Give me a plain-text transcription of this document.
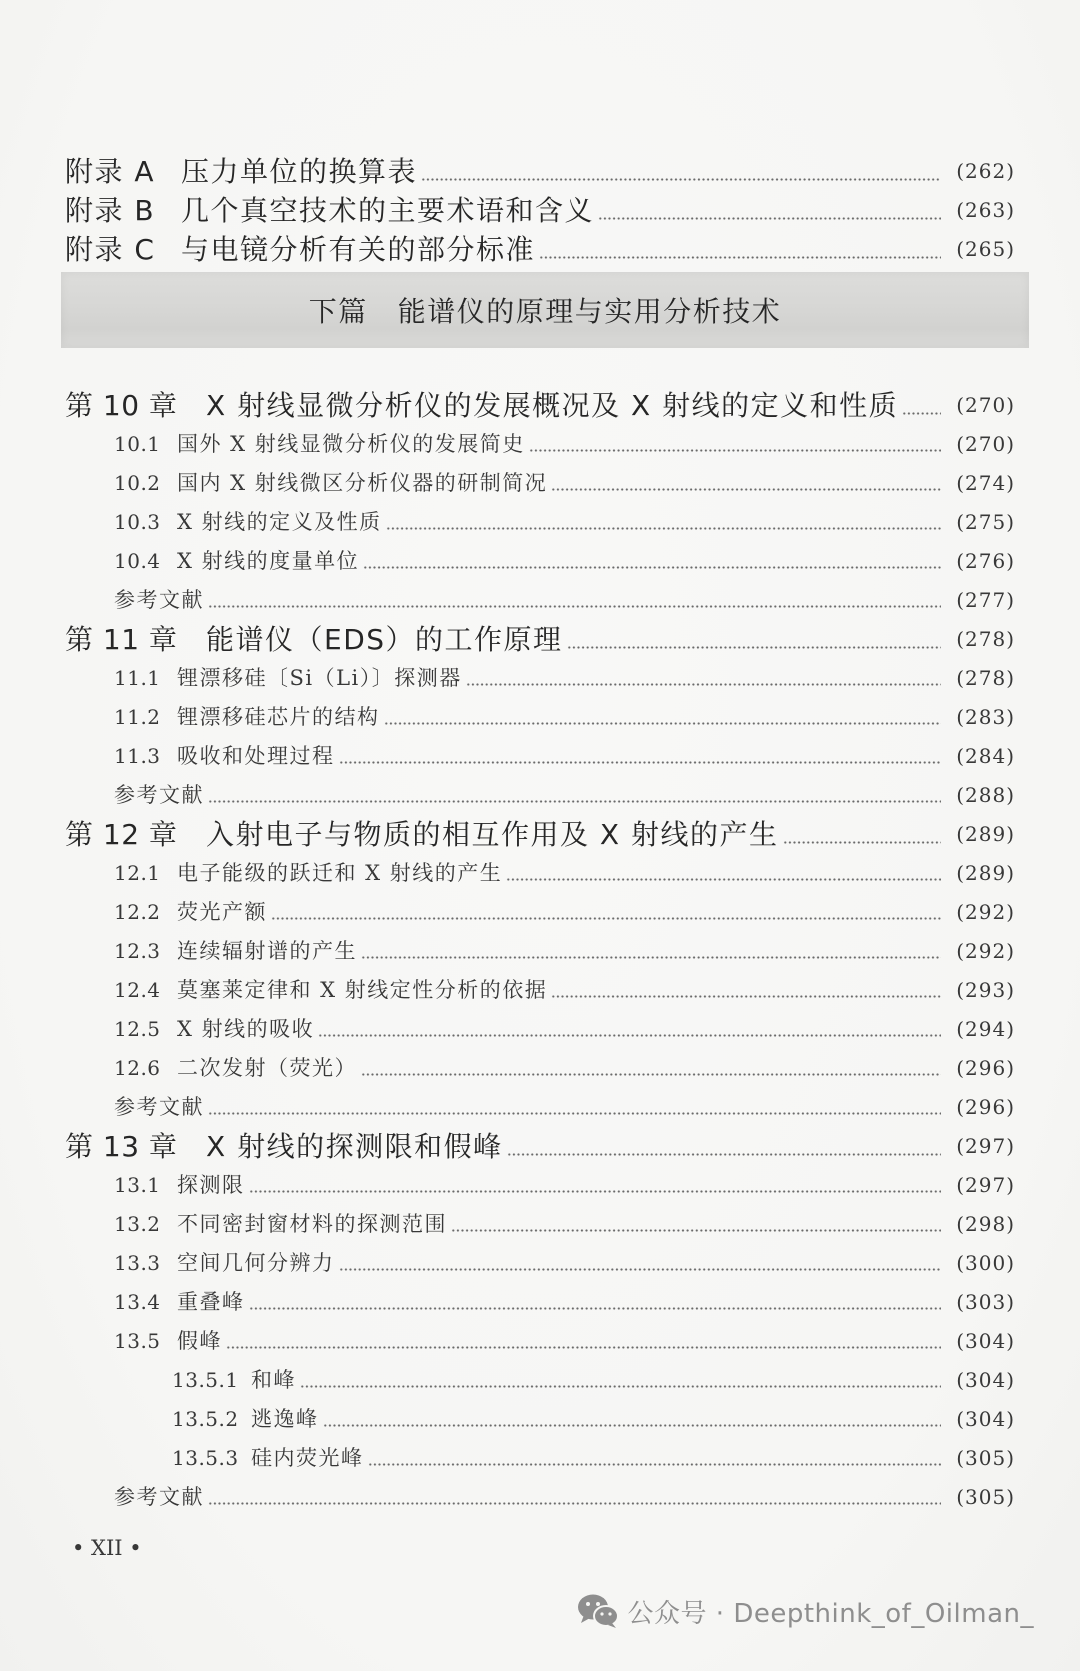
附录 A 压力单位的换算表	(262)
附录 B 几个真空技术的主要术语和含义	(263)
附录 C 与电镜分析有关的部分标准	(265)
下篇 能谱仪的原理与实用分析技术
第 10 章	X 射线显微分析仪的发展概况及 X 射线的定义和性质	(270)
10.1 国外 X 射线显微分析仪的发展简史	(270)
10.2 国内 X 射线微区分析仪器的研制简况	(274)
10.3 X 射线的定义及性质	(275)
10.4 X 射线的度量单位	(276)
参考文献	(277)
第 11 章	能谱仪（EDS）的工作原理	(278)
11.1 锂漂移硅〔Si（Li）〕探测器	(278)
11.2 锂漂移硅芯片的结构	(283)
11.3 吸收和处理过程	(284)
参考文献	(288)
第 12 章	入射电子与物质的相互作用及 X 射线的产生	(289)
12.1 电子能级的跃迁和 X 射线的产生	(289)
12.2 荧光产额	(292)
12.3 连续辐射谱的产生	(292)
12.4 莫塞莱定律和 X 射线定性分析的依据	(293)
12.5 X 射线的吸收	(294)
12.6 二次发射（荧光）	(296)
参考文献	(296)
第 13 章	X 射线的探测限和假峰	(297)
13.1 探测限	(297)
13.2 不同密封窗材料的探测范围	(298)
13.3 空间几何分辨力	(300)
13.4 重叠峰	(303)
13.5 假峰	(304)
13.5.1 和峰	(304)
13.5.2 逃逸峰	(304)
13.5.3 硅内荧光峰	(305)
参考文献	(305)
• XII •
公众号 · Deepthink_of_Oilman_
